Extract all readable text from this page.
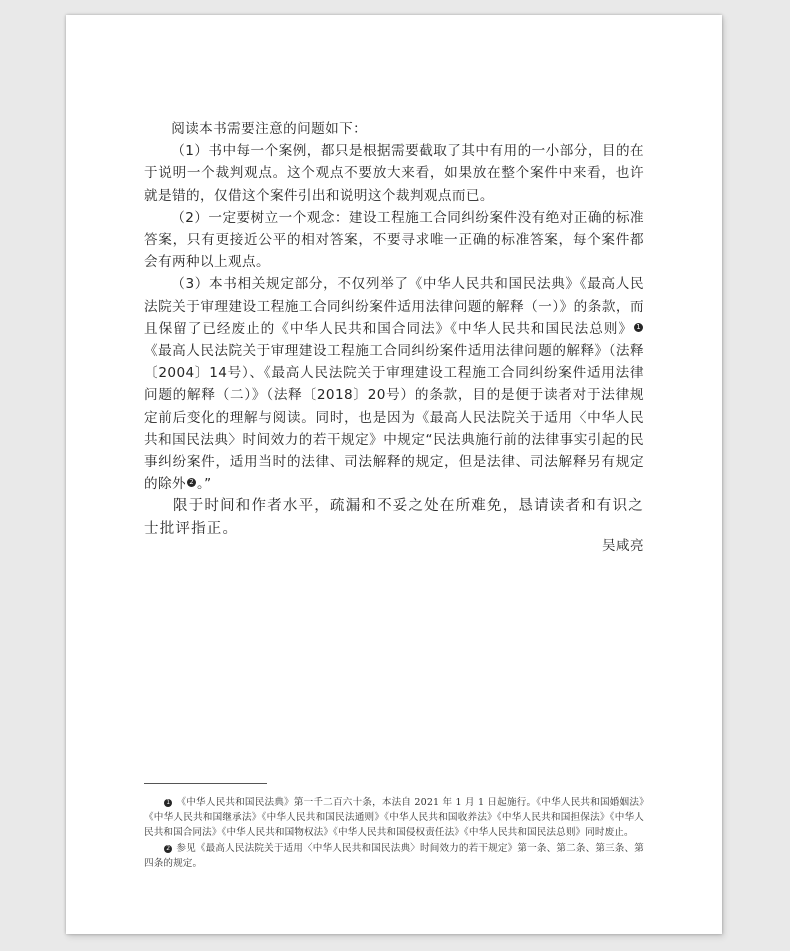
阅读本书需要注意的问题如下：

（1）书中每一个案例，都只是根据需要截取了其中有用的一小部分，目的在于说明一个裁判观点。这个观点不要放大来看，如果放在整个案件中来看，也许就是错的，仅借这个案件引出和说明这个裁判观点而已。

（2）一定要树立一个观念：建设工程施工合同纠纷案件没有绝对正确的标准答案，只有更接近公平的相对答案，不要寻求唯一正确的标准答案，每个案件都会有两种以上观点。

（3）本书相关规定部分，不仅列举了《中华人民共和国民法典》《最高人民法院关于审理建设工程施工合同纠纷案件适用法律问题的解释（一）》的条款，而且保留了已经废止的《中华人民共和国合同法》《中华人民共和国民法总则》 1《最高人民法院关于审理建设工程施工合同纠纷案件适用法律问题的解释》（法释〔2004〕14号）、《最高人民法院关于审理建设工程施工合同纠纷案件适用法律问题的解释（二）》（法释〔2018〕20号）的条款，目的是便于读者对于法律规定前后变化的理解与阅读。同时，也是因为《最高人民法院关于适用〈中华人民共和国民法典〉时间效力的若干规定》中规定“民法典施行前的法律事实引起的民事纠纷案件，适用当时的法律、司法解释的规定，但是法律、司法解释另有规定的除外 2 。”

限于时间和作者水平，疏漏和不妥之处在所难免，恳请读者和有识之士批评指正。

吴咸亮

1 《中华人民共和国民法典》第一千二百六十条，本法自 2021 年 1 月 1 日起施行。《中华人民共和国婚姻法》《中华人民共和国继承法》《中华人民共和国民法通则》《中华人民共和国收养法》《中华人民共和国担保法》《中华人民共和国合同法》《中华人民共和国物权法》《中华人民共和国侵权责任法》《中华人民共和国民法总则》同时废止。

2 参见《最高人民法院关于适用〈中华人民共和国民法典〉时间效力的若干规定》第一条、第二条、第三条、第四条的规定。
